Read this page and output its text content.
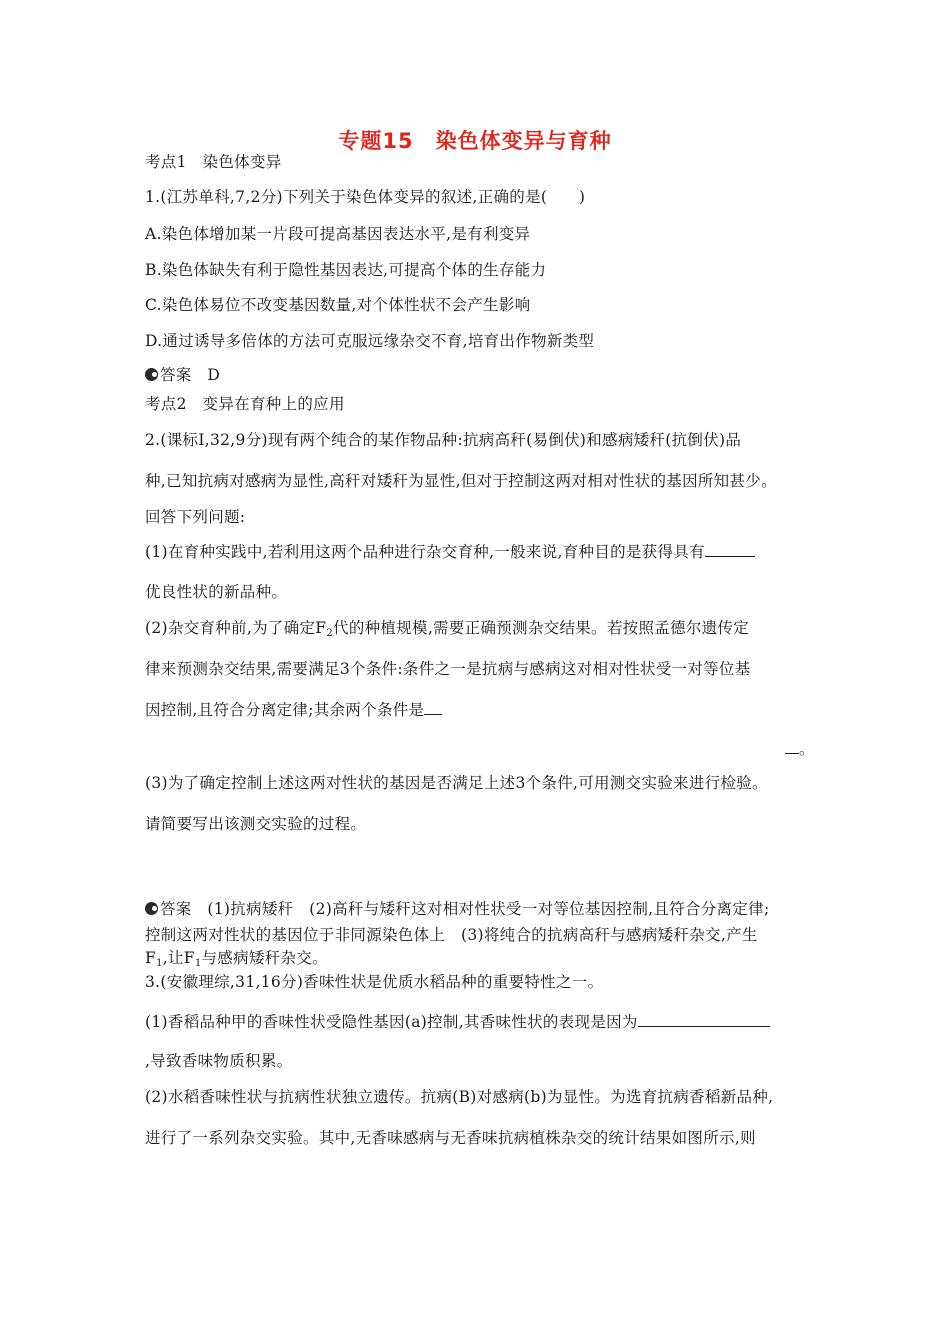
专题15　染色体变异与育种
考点1　染色体变异
1.(江苏单科,7,2分)下列关于染色体变异的叙述,正确的是(　　)
A.染色体增加某一片段可提高基因表达水平,是有利变异
B.染色体缺失有利于隐性基因表达,可提高个体的生存能力
C.染色体易位不改变基因数量,对个体性状不会产生影响
D.通过诱导多倍体的方法可克服远缘杂交不育,培育出作物新类型
答案　D
考点2　变异在育种上的应用
2.(课标Ⅰ,32,9分)现有两个纯合的某作物品种:抗病高秆(易倒伏)和感病矮秆(抗倒伏)品
种,已知抗病对感病为显性,高秆对矮秆为显性,但对于控制这两对相对性状的基因所知甚少。
回答下列问题:
(1)在育种实践中,若利用这两个品种进行杂交育种,一般来说,育种目的是获得具有
优良性状的新品种。
(2)杂交育种前,为了确定$F_2$代的种植规模,需要正确预测杂交结果。若按照孟德尔遗传定
律来预测杂交结果,需要满足3个条件:条件之一是抗病与感病这对相对性状受一对等位基
因控制,且符合分离定律;其余两个条件是
。
(3)为了确定控制上述这两对性状的基因是否满足上述3个条件,可用测交实验来进行检验。
请简要写出该测交实验的过程。
答案　(1)抗病矮秆　(2)高秆与矮秆这对相对性状受一对等位基因控制,且符合分离定律;
控制这两对性状的基因位于非同源染色体上　(3)将纯合的抗病高秆与感病矮秆杂交,产生
$F_1$,让$F_1$与感病矮秆杂交。
3.(安徽理综,31,16分)香味性状是优质水稻品种的重要特性之一。
(1)香稻品种甲的香味性状受隐性基因(a)控制,其香味性状的表现是因为
,导致香味物质积累。
(2)水稻香味性状与抗病性状独立遗传。抗病(B)对感病(b)为显性。为选育抗病香稻新品种,
进行了一系列杂交实验。其中,无香味感病与无香味抗病植株杂交的统计结果如图所示,则
